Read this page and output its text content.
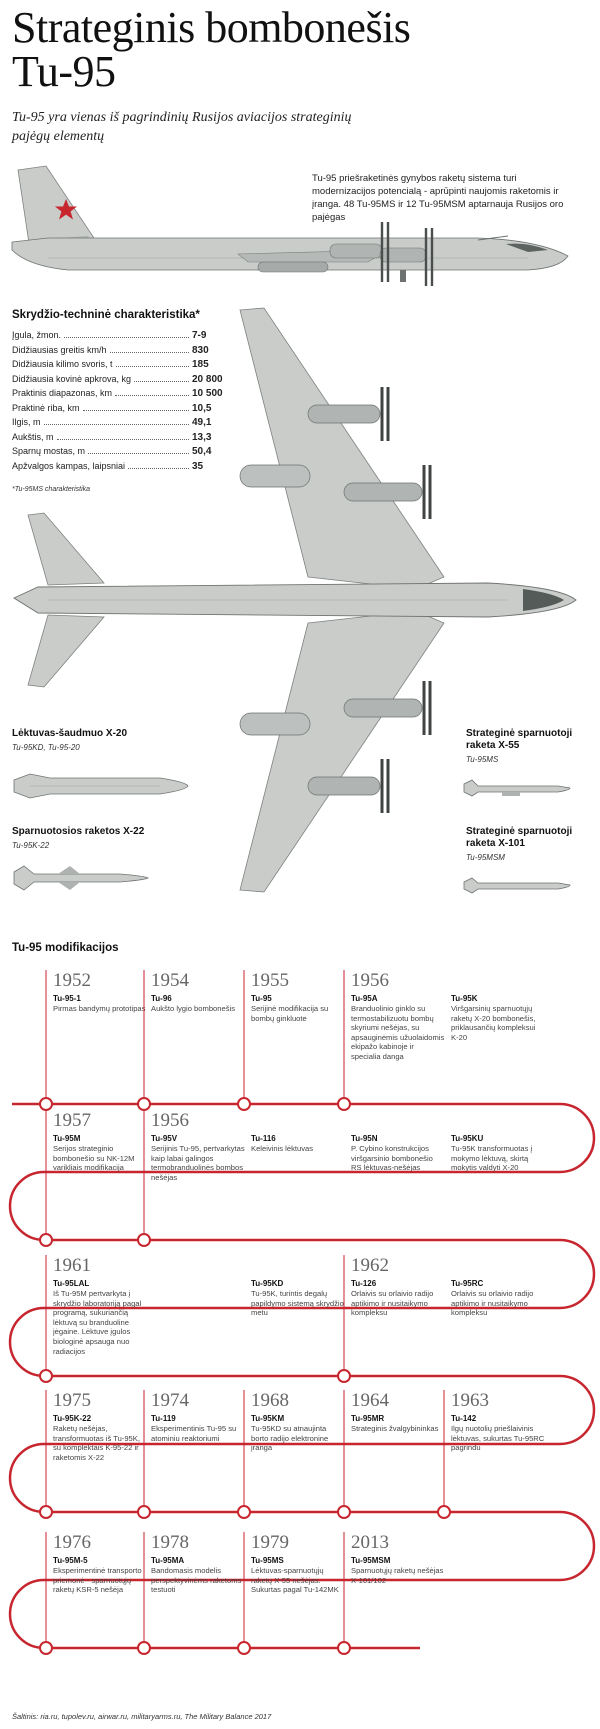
Strateginis bombonešis
Tu-95
Tu-95 yra vienas iš pagrindinių Rusijos aviacijos strateginių pajėgų elementų
Tu-95 priešraketinės gynybos raketų sistema turi modernizacijos potencialą - aprūpinti naujomis raketomis ir įranga. 48 Tu-95MS ir 12 Tu-95MSM aptarnauja Rusijos oro pajėgas
Skrydžio-techninė charakteristika*
Įgula, žmon.	7-9
Didžiausias greitis km/h	830
Didžiausia kilimo svoris, t	185
Didžiausia kovinė apkrova, kg	20 800
Praktinis diapazonas, km	10 500
Praktinė riba, km	10,5
Ilgis, m	49,1
Aukštis, m	13,3
Sparnų mostas, m	50,4
Apžvalgos kampas, laipsniai	35
*Tu-95MS charakteristika
Lėktuvas-šaudmuo X-20
Tu-95KD, Tu-95-20
Sparnuotosios raketos X-22
Tu-95K-22
Strateginė sparnuotoji raketa X-55
Tu-95MS
Strateginė sparnuotoji raketa X-101
Tu-95MSM
Tu-95 modifikacijos
1952
Tu-95-1
Pirmas bandymų prototipas
1954
Tu-96
Aukšto lygio bombonešis
1955
Tu-95
Serijinė modifikacija su bombų ginkluote
1956
Tu-95A
Branduolinio ginklo su termostabilizuotu bombų skyriumi nešėjas, su apsauginėmis užuolaidomis ekipažo kabinoje ir specialia danga
Tu-95K
Viršgarsinių sparnuotųjų raketų X-20 bombonešis, priklausančių kompleksui K-20
1957
Tu-95M
Serijos strateginio bombonešio su NK-12M varikliais modifikacija
1956
Tu-95V
Serijinis Tu-95, pertvarkytas kaip labai galingos termobranduolinės bombos nešėjas
Tu-116
Keleivinis lėktuvas
Tu-95N
P. Cybino konstrukcijos viršgarsinio bombonešio RS lėktuvas-nešėjas
Tu-95KU
Tu-95K transformuotas į mokymo lėktuvą, skirtą mokytis valdyti X-20
1961
Tu-95LAL
Iš Tu-95M pertvarkyta į skrydžio laboratoriją pagal programą, sukuriančią lėktuvą su branduoline jėgaine. Lėktuve įgulos biologinė apsauga nuo radiacijos
Tu-95KD
Tu-95K, turintis degalų papildymo sistemą skrydžio metu
1962
Tu-126
Orlaivis su orlaivio radijo aptikimo ir nusitaikymo kompleksu
Tu-95RC
Orlaivis su orlaivio radijo aptikimo ir nusitaikymo kompleksu
1975
Tu-95K-22
Raketų nešėjas, transformuotas iš Tu-95K, su komplektais K-95-22 ir raketomis X-22
1974
Tu-119
Eksperimentinis Tu-95 su atominiu reaktoriumi
1968
Tu-95KM
Tu-95KD su atnaujinta borto radijo elektronine įranga
1964
Tu-95MR
Strateginis žvalgybininkas
1963
Tu-142
Ilgų nuotolių priešlaivinis lėktuvas, sukurtas Tu-95RC pagrindu
1976
Tu-95M-5
Eksperimentinė transporto priemonė - sparnuotųjų raketų KSR-5 nešėja
1978
Tu-95MA
Bandomasis modelis perspektyvinėms raketoms testuoti
1979
Tu-95MS
Lėktuvas-sparnuotųjų raketų X-55 nešėjas. Sukurtas pagal Tu-142MK
2013
Tu-95MSM
Sparnuotųjų raketų nešėjas X-101/102
Šaltinis: ria.ru, tupolev.ru, airwar.ru, militaryarms.ru, The Military Balance 2017
